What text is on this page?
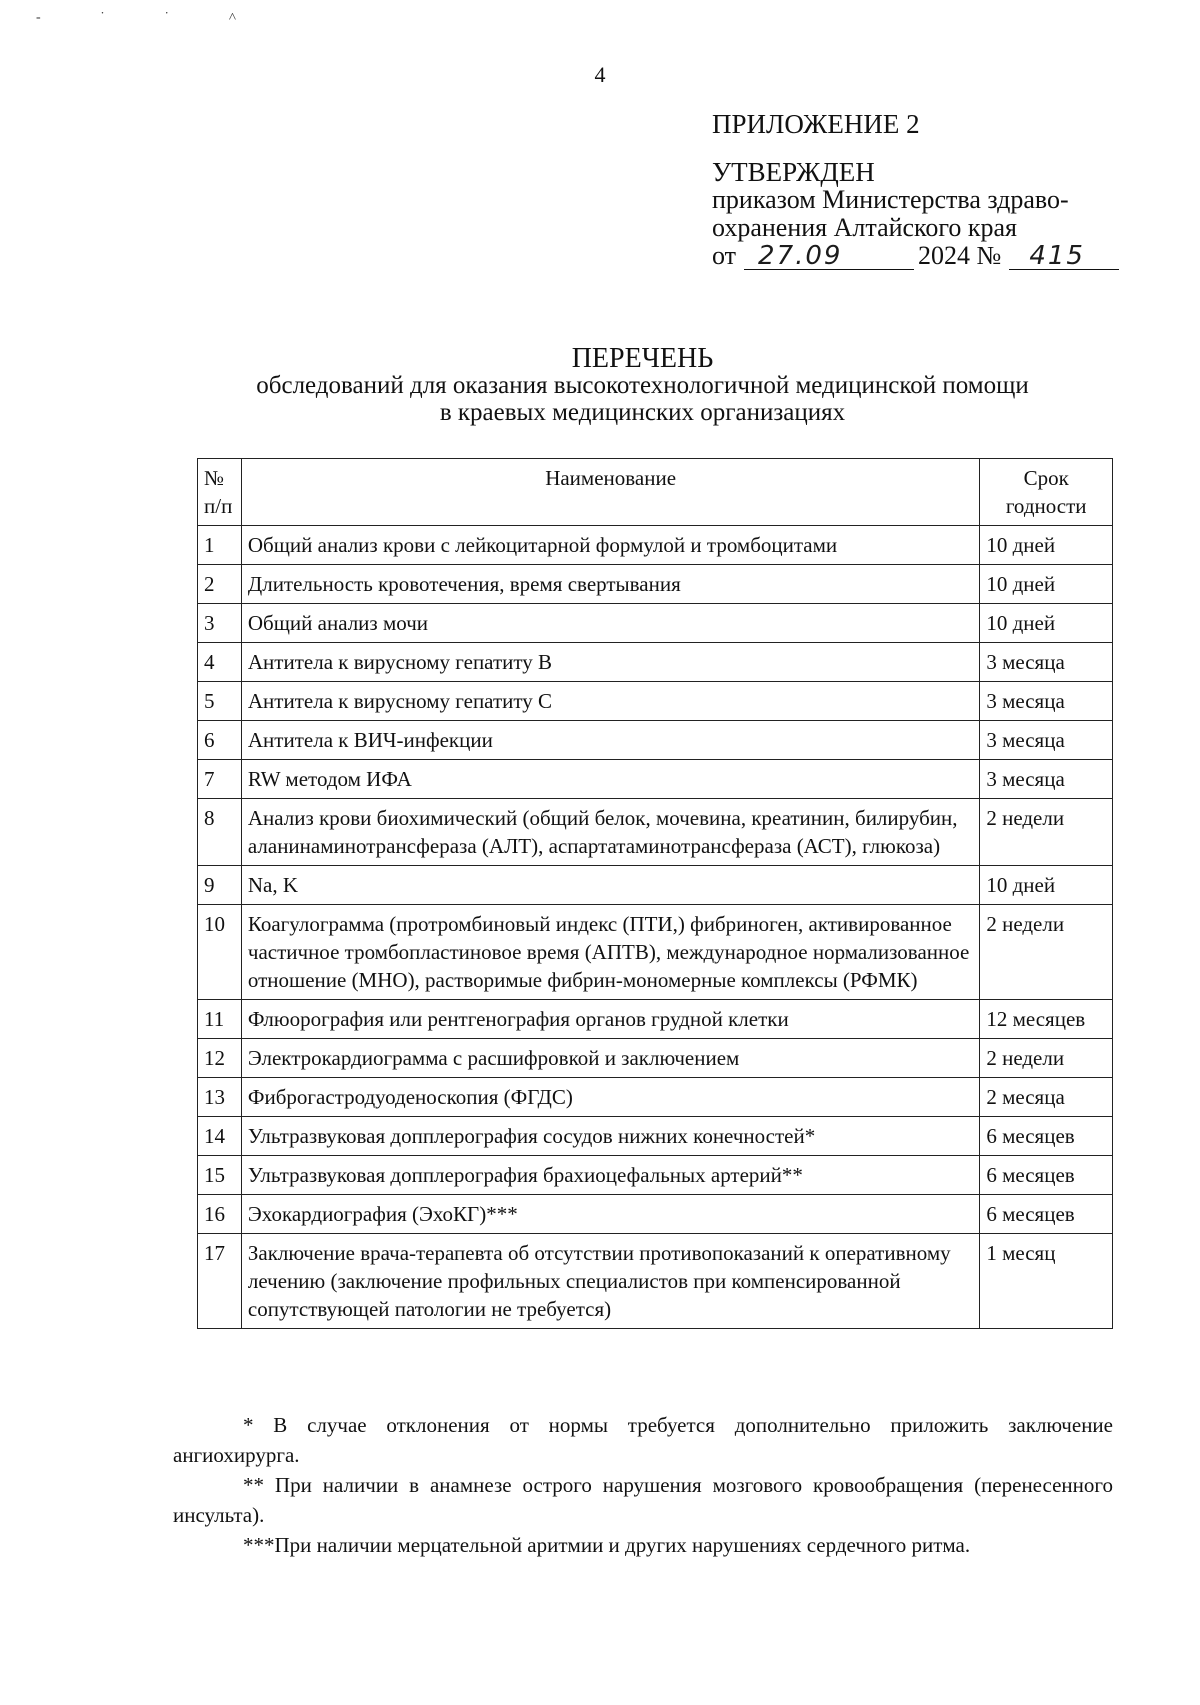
- ˙ ˙ ˄
4
ПРИЛОЖЕНИЕ 2
УТВЕРЖДЕН
приказом Министерства здраво-
охранения Алтайского края
от 27.09	2024 №	415
ПЕРЕЧЕНЬ
обследований для оказания высокотехнологичной медицинской помощи
в краевых медицинских организациях
№ п/п	Наименование	Срок годности
1	Общий анализ крови с лейкоцитарной формулой и тромбоцитами	10 дней
2	Длительность кровотечения, время свертывания	10 дней
3	Общий анализ мочи	10 дней
4	Антитела к вирусному гепатиту В	3 месяца
5	Антитела к вирусному гепатиту С	3 месяца
6	Антитела к ВИЧ-инфекции	3 месяца
7	RW методом ИФА	3 месяца
8	Анализ крови биохимический (общий белок, мочевина, креатинин, билирубин, аланинаминотрансфераза (АЛТ), аспартатаминотрансфераза (АСТ), глюкоза)	2 недели
9	Na, K	10 дней
10	Коагулограмма (протромбиновый индекс (ПТИ,) фибриноген, активированное частичное тромбопластиновое время (АПТВ), международное нормализованное отношение (МНО), растворимые фибрин-мономерные комплексы (РФМК)	2 недели
11	Флюорография или рентгенография органов грудной клетки	12 месяцев
12	Электрокардиограмма с расшифровкой и заключением	2 недели
13	Фиброгастродуоденоскопия (ФГДС)	2 месяца
14	Ультразвуковая допплерография сосудов нижних конечностей*	6 месяцев
15	Ультразвуковая допплерография брахиоцефальных артерий**	6 месяцев
16	Эхокардиография (ЭхоКГ)***	6 месяцев
17	Заключение врача-терапевта об отсутствии противопоказаний к оперативному лечению (заключение профильных специалистов при компенсированной сопутствующей патологии не требуется)	1 месяц

* В случае отклонения от нормы требуется дополнительно приложить заключение ангиохирурга.

** При наличии в анамнезе острого нарушения мозгового кровообращения (перенесенного инсульта).

***При наличии мерцательной аритмии и других нарушениях сердечного ритма.
